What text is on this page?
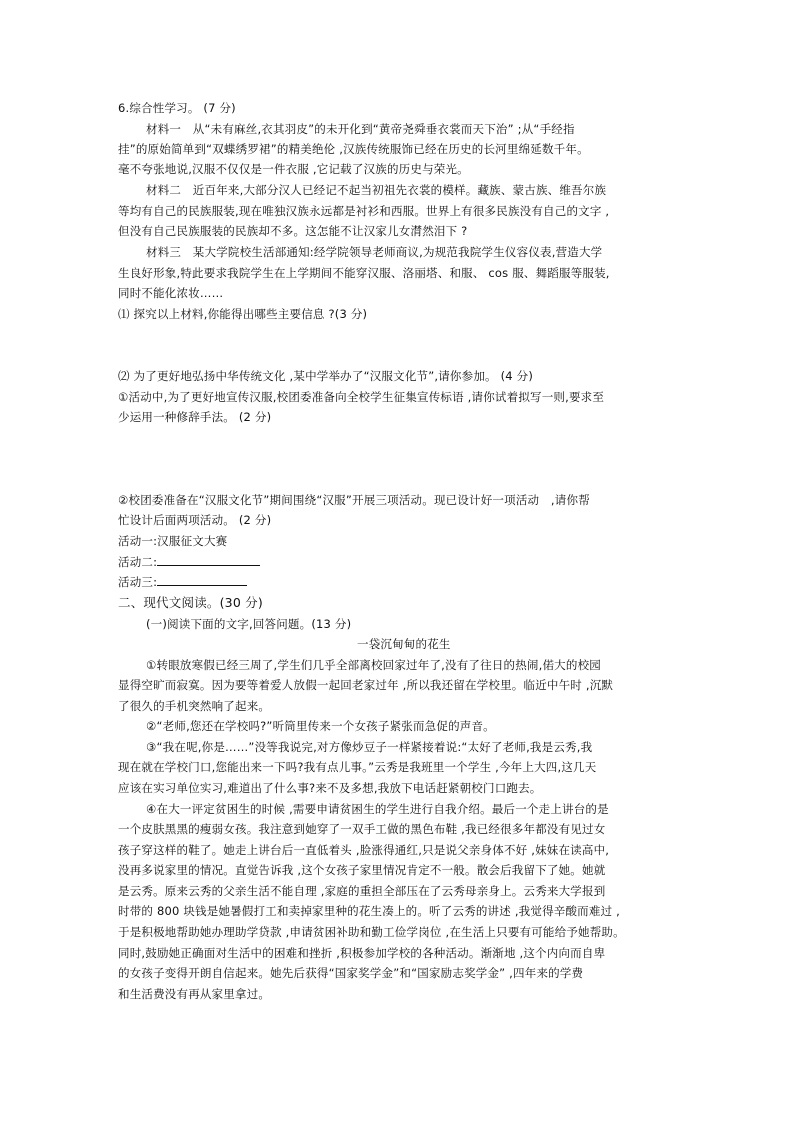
6.综合性学习。 (7 分)
材料一　从“未有麻丝,衣其羽皮”的未开化到“黄帝尧舜垂衣裳而天下治” ;从“手经指
挂”的原始简单到“双蝶绣罗裙”的精美绝伦 ,汉族传统服饰已经在历史的长河里绵延数千年。
毫不夸张地说,汉服不仅仅是一件衣服 ,它记载了汉族的历史与荣光。
材料二　近百年来,大部分汉人已经记不起当初祖先衣裳的模样。藏族、蒙古族、维吾尔族
等均有自己的民族服装,现在唯独汉族永远都是衬衫和西服。世界上有很多民族没有自己的文字 ,
但没有自己民族服装的民族却不多。这怎能不让汉家儿女潸然泪下 ?
材料三　某大学院校生活部通知:经学院领导老师商议,为规范我院学生仪容仪表,营造大学
生良好形象,特此要求我院学生在上学期间不能穿汉服、洛丽塔、和服、 cos 服、舞蹈服等服装,
同时不能化浓妆……
⑴ 探究以上材料,你能得出哪些主要信息 ?(3 分)
⑵ 为了更好地弘扬中华传统文化 ,某中学举办了“汉服文化节”,请你参加。 (4 分)
①活动中,为了更好地宣传汉服,校团委准备向全校学生征集宣传标语 ,请你试着拟写一则,要求至
少运用一种修辞手法。 (2 分)
②校团委准备在“汉服文化节”期间围绕“汉服”开展三项活动。现已设计好一项活动　,请你帮
忙设计后面两项活动。 (2 分)
活动一:汉服征文大赛
活动二:
活动三:
二、现代文阅读。(30 分)
(一)阅读下面的文字,回答问题。(13 分)
一袋沉甸甸的花生
①转眼放寒假已经三周了,学生们几乎全部离校回家过年了,没有了往日的热闹,偌大的校园
显得空旷而寂寞。因为要等着爱人放假一起回老家过年 ,所以我还留在学校里。临近中午时 ,沉默
了很久的手机突然响了起来。
②“老师,您还在学校吗?”听筒里传来一个女孩子紧张而急促的声音。
③“我在呢,你是……”没等我说完,对方像炒豆子一样紧接着说:“太好了老师,我是云秀,我
现在就在学校门口,您能出来一下吗?我有点儿事。”云秀是我班里一个学生 ,今年上大四,这几天
应该在实习单位实习,难道出了什么事?来不及多想,我放下电话赶紧朝校门口跑去。
④在大一评定贫困生的时候 ,需要申请贫困生的学生进行自我介绍。最后一个走上讲台的是
一个皮肤黑黑的瘦弱女孩。我注意到她穿了一双手工做的黑色布鞋 ,我已经很多年都没有见过女
孩子穿这样的鞋了。她走上讲台后一直低着头 ,脸涨得通红,只是说父亲身体不好 ,妹妹在读高中,
没再多说家里的情况。直觉告诉我 ,这个女孩子家里情况肯定不一般。散会后我留下了她。她就
是云秀。原来云秀的父亲生活不能自理 ,家庭的重担全部压在了云秀母亲身上。云秀来大学报到
时带的 800 块钱是她暑假打工和卖掉家里种的花生凑上的。听了云秀的讲述 ,我觉得辛酸而难过 ,
于是积极地帮助她办理助学贷款 ,申请贫困补助和勤工俭学岗位 ,在生活上只要有可能给予她帮助。
同时,鼓励她正确面对生活中的困难和挫折 ,积极参加学校的各种活动。渐渐地 ,这个内向而自卑
的女孩子变得开朗自信起来。她先后获得“国家奖学金”和“国家励志奖学金” ,四年来的学费
和生活费没有再从家里拿过。
